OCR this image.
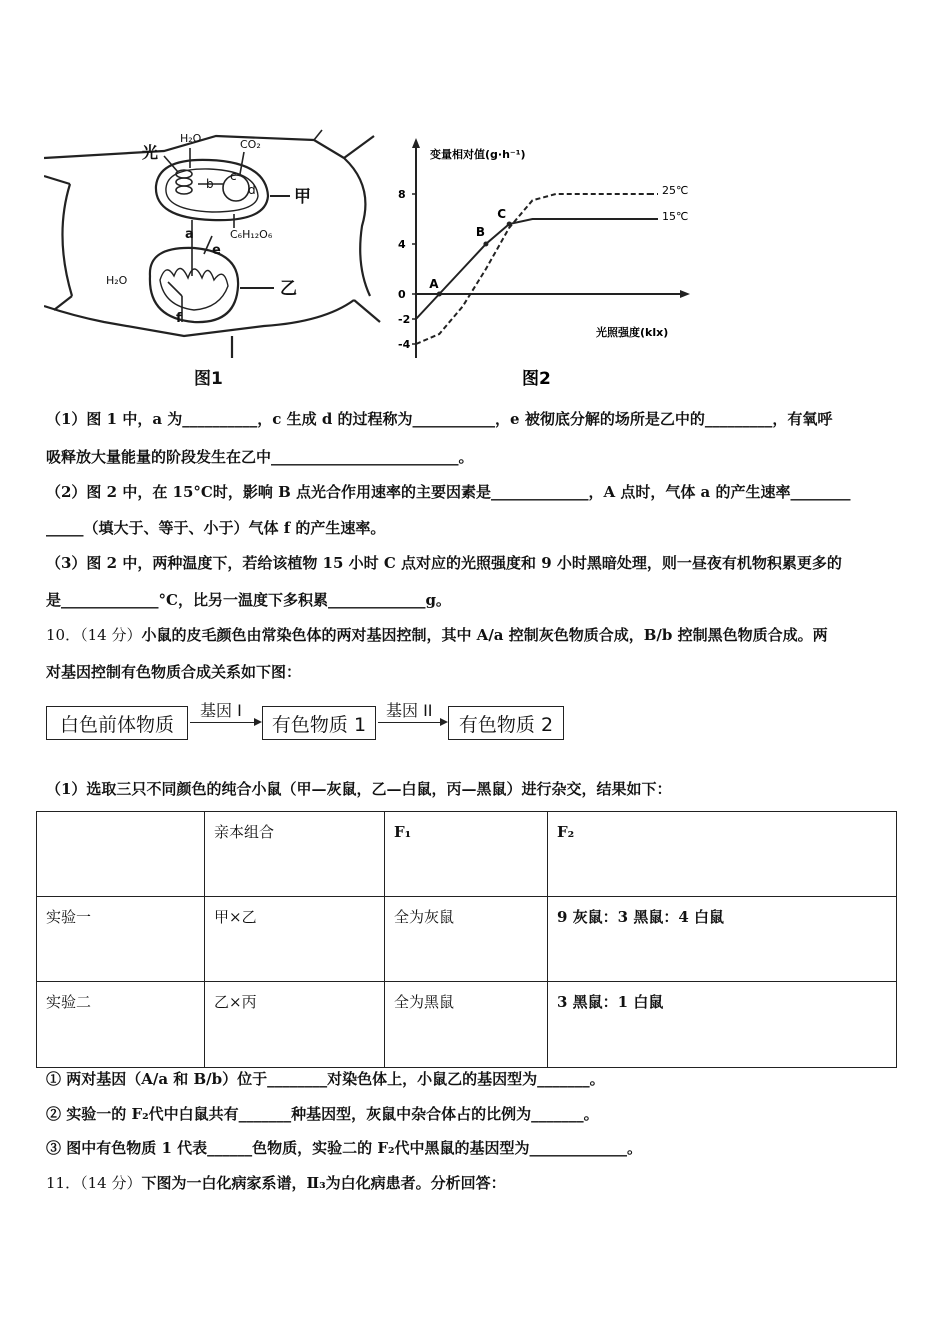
光
H₂O	CO₂
b
c
d 甲
a	C₆H₁₂O₆
e
H₂O	乙
f
图1
-4
-2
0
4
8
A
B
C
变量相对值(g·h⁻¹)
光照强度(klx)
25℃
15℃
图2
（1）图 1 中，a 为__________，c 生成 d 的过程称为___________，e 被彻底分解的场所是乙中的_________，有氧呼
吸释放大量能量的阶段发生在乙中_________________________。
（2）图 2 中，在 15°C时，影响 B 点光合作用速率的主要因素是_____________，A 点时，气体 a 的产生速率________
_____（填大于、等于、小于）气体 f 的产生速率。
（3）图 2 中，两种温度下，若给该植物 15 小时 C 点对应的光照强度和 9 小时黑暗处理，则一昼夜有机物积累更多的
是_____________°C，比另一温度下多积累_____________g。
10．（14 分）小鼠的皮毛颜色由常染色体的两对基因控制，其中 A/a 控制灰色物质合成，B/b 控制黑色物质合成。两
对基因控制有色物质合成关系如下图：
白色前体物质
基因 I
有色物质 1
基因 II
有色物质 2
（1）选取三只不同颜色的纯合小鼠（甲—灰鼠，乙—白鼠，丙—黑鼠）进行杂交，结果如下：
	亲本组合	F₁	F₂
实验一	甲×乙	全为灰鼠	9 灰鼠：3 黑鼠：4 白鼠
实验二	乙×丙	全为黑鼠	3 黑鼠：1 白鼠
① 两对基因（A/a 和 B/b）位于________对染色体上，小鼠乙的基因型为_______。
② 实验一的 F₂代中白鼠共有_______种基因型，灰鼠中杂合体占的比例为_______。
③ 图中有色物质 1 代表______色物质，实验二的 F₂代中黑鼠的基因型为_____________。
11．（14 分）下图为一白化病家系谱，Ⅱ₃为白化病患者。分析回答：
